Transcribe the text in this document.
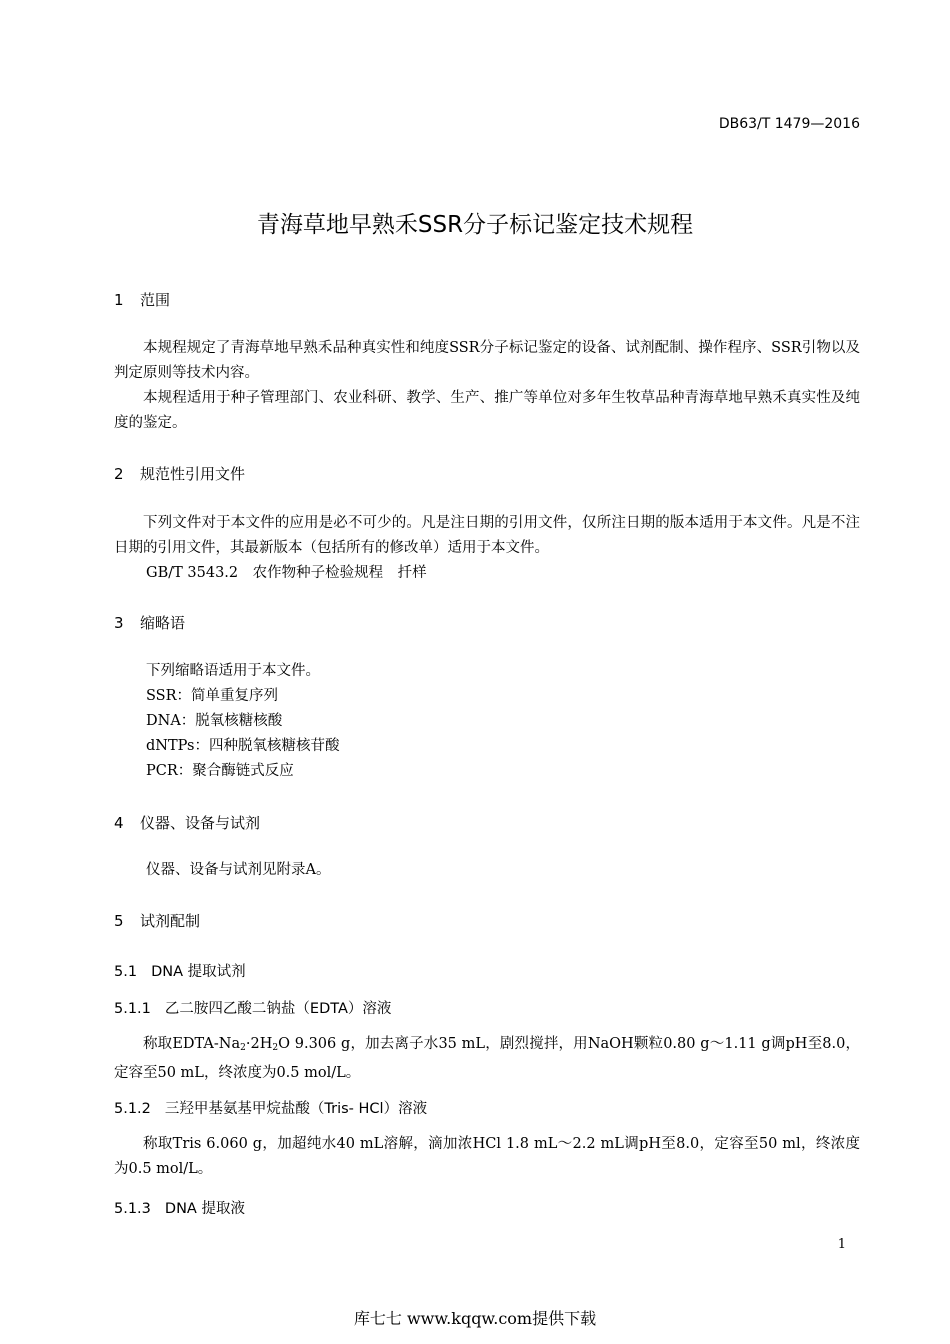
DB63/T 1479—2016
青海草地早熟禾SSR分子标记鉴定技术规程
1 范围
本规程规定了青海草地早熟禾品种真实性和纯度SSR分子标记鉴定的设备、试剂配制、操作程序、SSR引物以及判定原则等技术内容。
本规程适用于种子管理部门、农业科研、教学、生产、推广等单位对多年生牧草品种青海草地早熟禾真实性及纯度的鉴定。
2 规范性引用文件
下列文件对于本文件的应用是必不可少的。凡是注日期的引用文件，仅所注日期的版本适用于本文件。凡是不注日期的引用文件，其最新版本（包括所有的修改单）适用于本文件。
GB/T 3543.2　农作物种子检验规程　扦样
3 缩略语
下列缩略语适用于本文件。
SSR：简单重复序列
DNA：脱氧核糖核酸
dNTPs：四种脱氧核糖核苷酸
PCR：聚合酶链式反应
4 仪器、设备与试剂
仪器、设备与试剂见附录A。
5 试剂配制
5.1 DNA 提取试剂
5.1.1 乙二胺四乙酸二钠盐（EDTA）溶液
称取EDTA-$Na_2\cdot 2H_2O$ 9.306 g，加去离子水35 mL，剧烈搅拌，用NaOH颗粒0.80 g～1.11 g调pH至8.0，定容至50 mL，终浓度为0.5 mol/L。
5.1.2 三羟甲基氨基甲烷盐酸（Tris- HCl）溶液
称取Tris 6.060 g，加超纯水40 mL溶解，滴加浓HCl 1.8 mL～2.2 mL调pH至8.0，定容至50 ml，终浓度为0.5 mol/L。
5.1.3 DNA 提取液
1
库七七 www.kqqw.com提供下载
